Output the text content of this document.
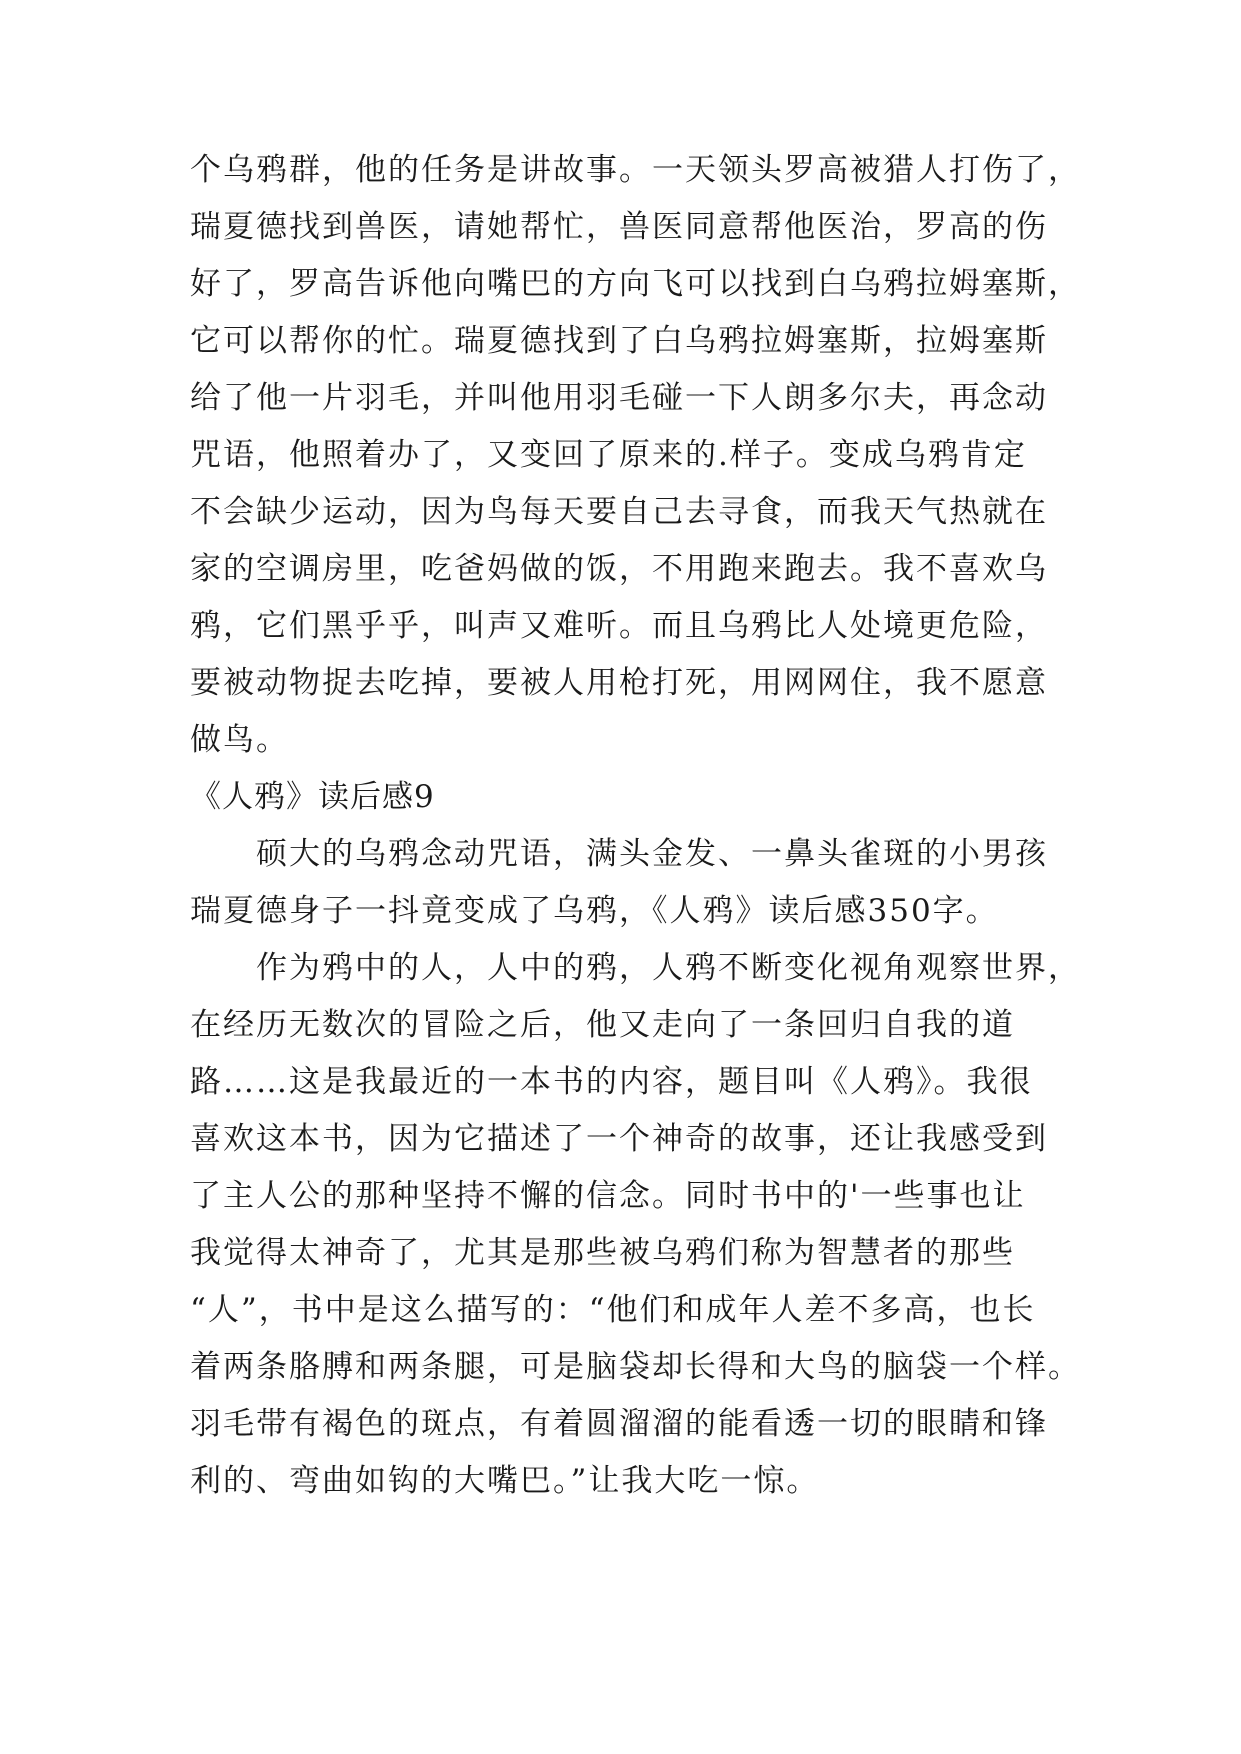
个乌鸦群，他的任务是讲故事。一天领头罗高被猎人打伤了，
瑞夏德找到兽医，请她帮忙，兽医同意帮他医治，罗高的伤
好了，罗高告诉他向嘴巴的方向飞可以找到白乌鸦拉姆塞斯，
它可以帮你的忙。瑞夏德找到了白乌鸦拉姆塞斯，拉姆塞斯
给了他一片羽毛，并叫他用羽毛碰一下人朗多尔夫，再念动
咒语，他照着办了，又变回了原来的.样子。变成乌鸦肯定
不会缺少运动，因为鸟每天要自己去寻食，而我天气热就在
家的空调房里，吃爸妈做的饭，不用跑来跑去。我不喜欢乌
鸦，它们黑乎乎，叫声又难听。而且乌鸦比人处境更危险，
要被动物捉去吃掉，要被人用枪打死，用网网住，我不愿意
做鸟。
《人鸦》读后感9
硕大的乌鸦念动咒语，满头金发、一鼻头雀斑的小男孩
瑞夏德身子一抖竟变成了乌鸦，《人鸦》读后感350字。
作为鸦中的人，人中的鸦，人鸦不断变化视角观察世界，
在经历无数次的冒险之后，他又走向了一条回归自我的道
路……这是我最近的一本书的内容，题目叫《人鸦》。我很
喜欢这本书，因为它描述了一个神奇的故事，还让我感受到
了主人公的那种坚持不懈的信念。同时书中的'一些事也让
我觉得太神奇了，尤其是那些被乌鸦们称为智慧者的那些
“人”，书中是这么描写的：“他们和成年人差不多高，也长
着两条胳膊和两条腿，可是脑袋却长得和大鸟的脑袋一个样。
羽毛带有褐色的斑点，有着圆溜溜的能看透一切的眼睛和锋
利的、弯曲如钩的大嘴巴。”让我大吃一惊。
